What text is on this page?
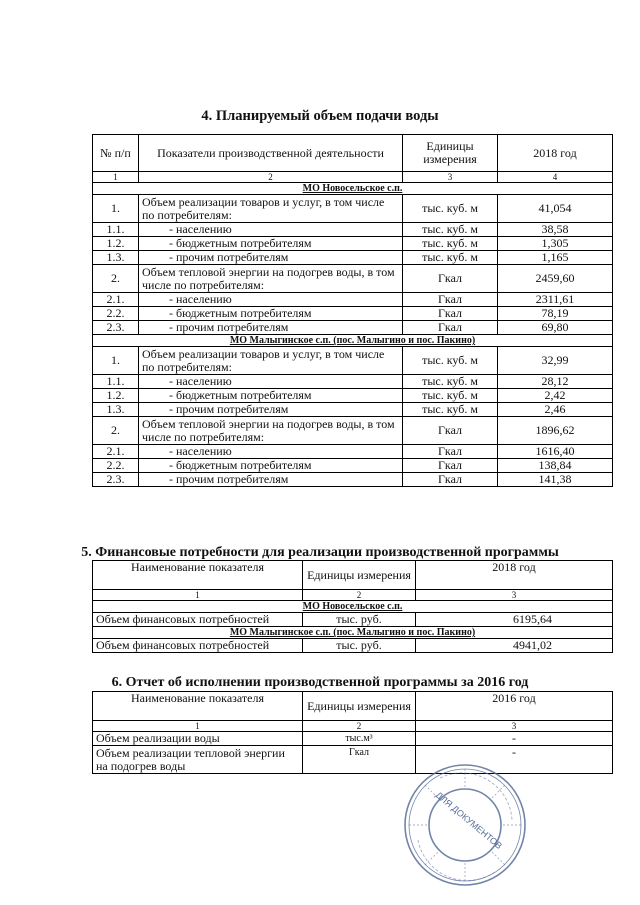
4. Планируемый объем подачи воды
№ п/п	Показатели производственной деятельности	Единицы измерения	2018 год
1	2	3	4
МО Новосельское с.п.			
1.	Объем реализации товаров и услуг, в том числе по потребителям:	тыс. куб. м	41,054
1.1.	- населению	тыс. куб. м	38,58
1.2.	- бюджетным потребителям	тыс. куб. м	1,305
1.3.	- прочим потребителям	тыс. куб. м	1,165
2.	Объем тепловой энергии на подогрев воды, в том числе по потребителям:	Гкал	2459,60
2.1.	- населению	Гкал	2311,61
2.2.	- бюджетным потребителям	Гкал	78,19
2.3.	- прочим потребителям	Гкал	69,80
МО Малыгинское с.п. (пос. Малыгино и пос. Пакино)			
1.	Объем реализации товаров и услуг, в том числе по потребителям:	тыс. куб. м	32,99
1.1.	- населению	тыс. куб. м	28,12
1.2.	- бюджетным потребителям	тыс. куб. м	2,42
1.3.	- прочим потребителям	тыс. куб. м	2,46
2.	Объем тепловой энергии на подогрев воды, в том числе по потребителям:	Гкал	1896,62
2.1.	- населению	Гкал	1616,40
2.2.	- бюджетным потребителям	Гкал	138,84
2.3.	- прочим потребителям	Гкал	141,38
5. Финансовые потребности для реализации производственной программы
Наименование показателя	Единицы измерения	2018 год
1	2	3
МО Новосельское с.п.		
Объем финансовых потребностей	тыс. руб.	6195,64
МО Малыгинское с.п. (пос. Малыгино и пос. Пакино)		
Объем финансовых потребностей	тыс. руб.	4941,02
6. Отчет об исполнении производственной программы за 2016 год
Наименование показателя	Единицы измерения	2016 год
1	2	3
Объем реализации воды	тыс.м³	-
Объем реализации тепловой энергии на подогрев воды	Гкал	-
ДЛЯ ДОКУМЕНТОВ
